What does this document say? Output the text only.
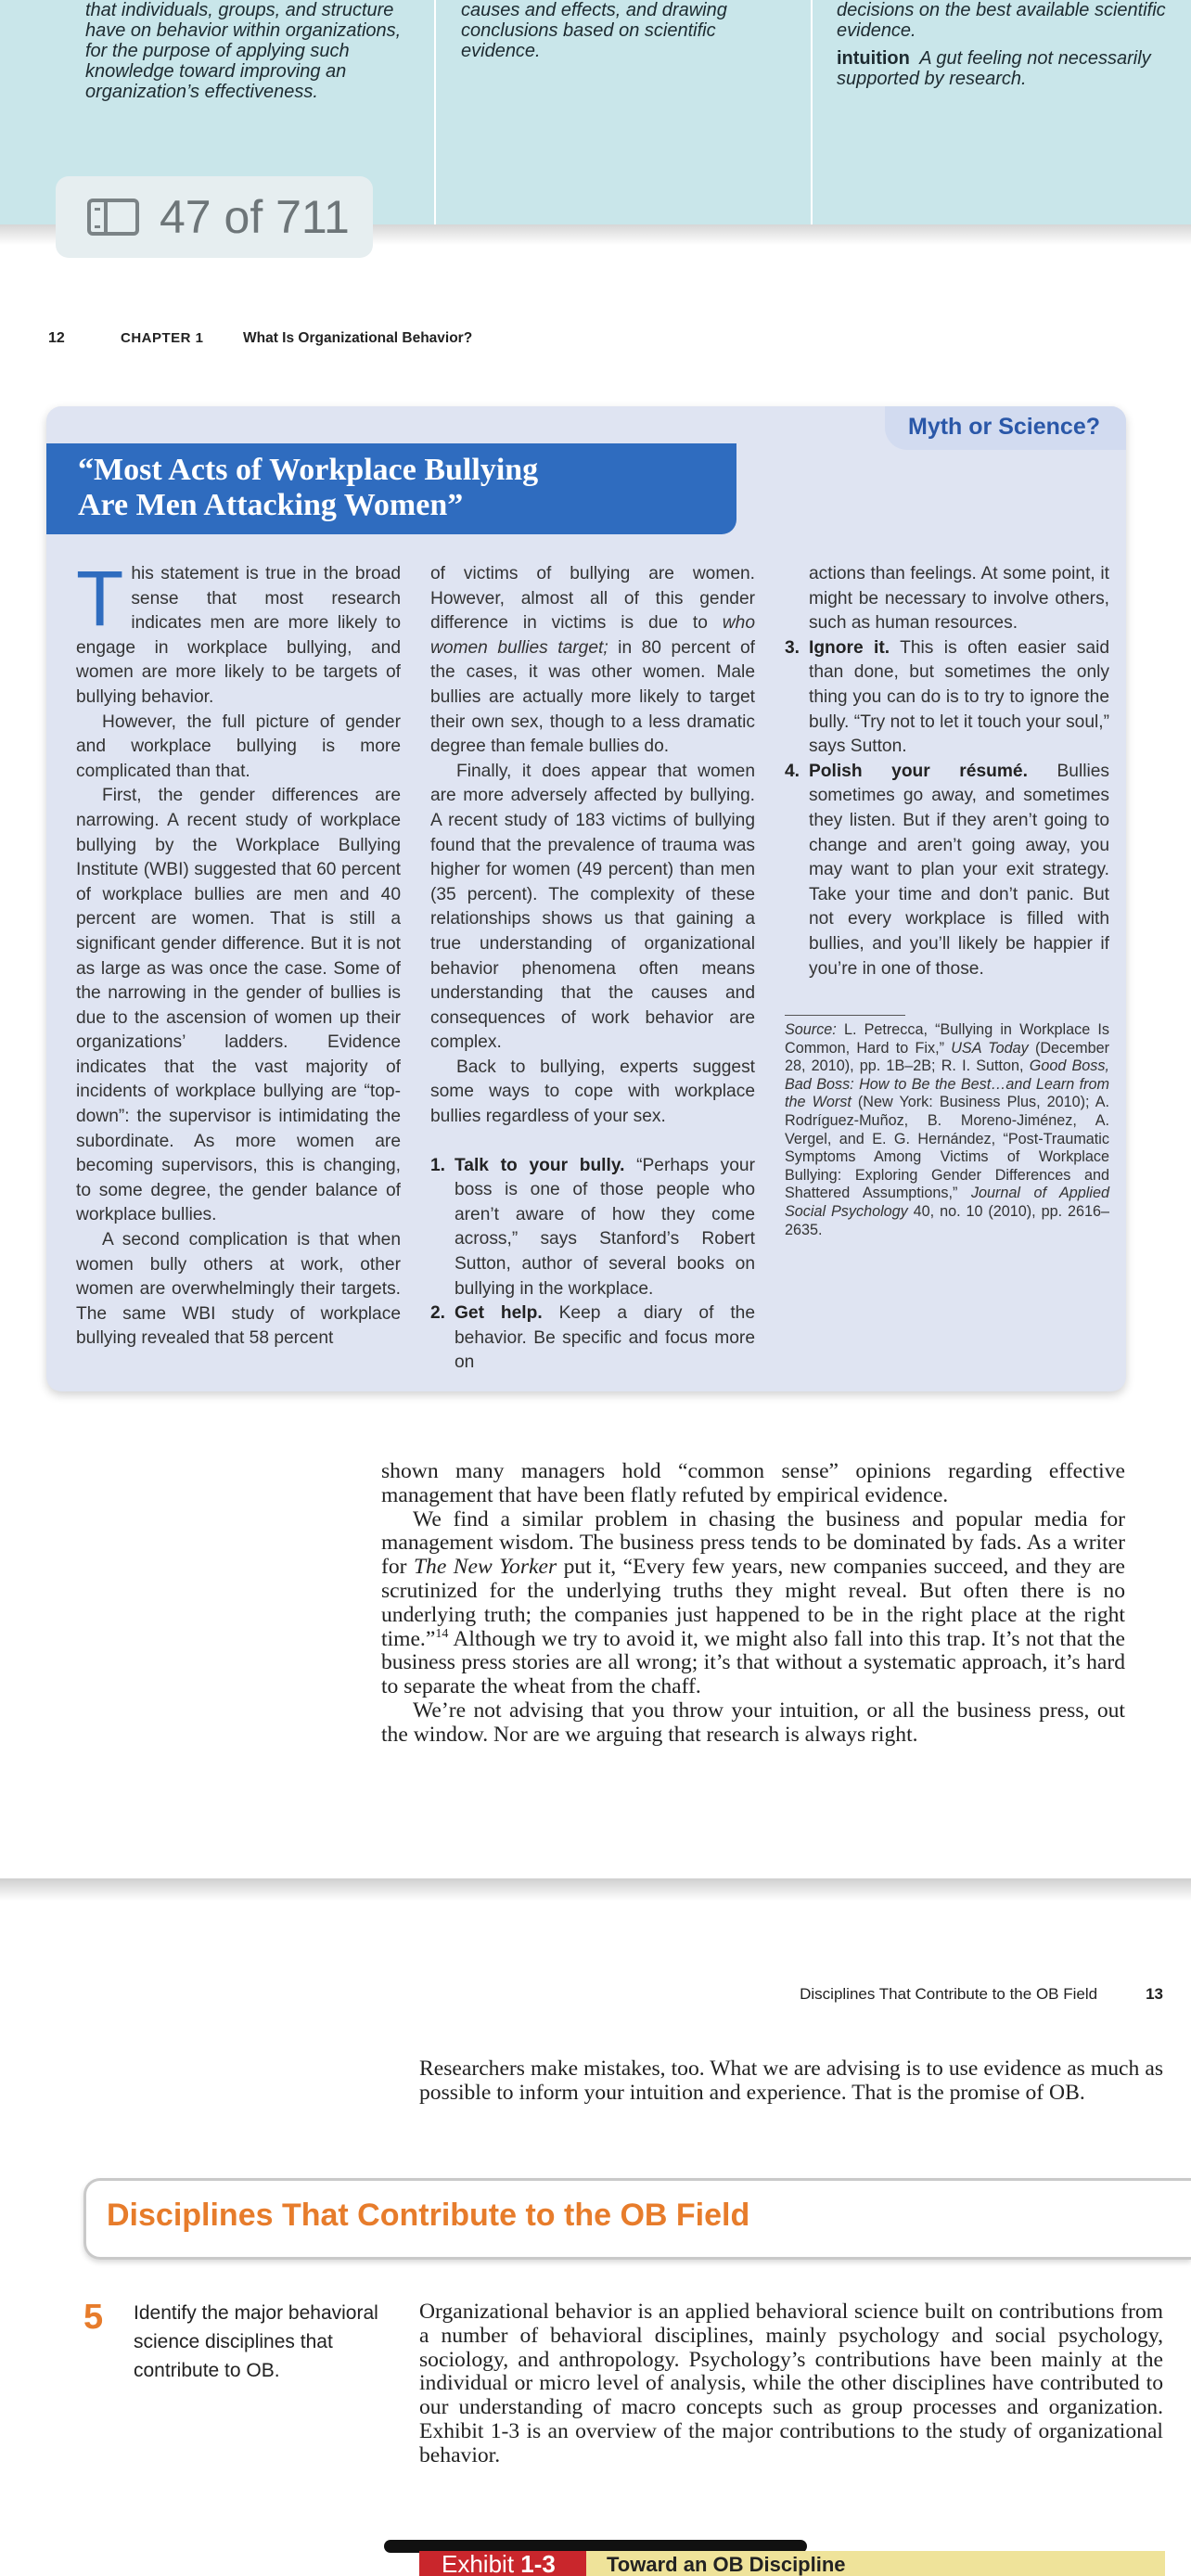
that individuals, groups, and structure have on behavior within organizations, for the purpose of applying such knowledge toward improving an organization’s effectiveness.
causes and effects, and drawing conclusions based on scientific evidence.
decisions on the best available scientific evidence.
intuition A gut feeling not necessarily supported by research.
47 of 711
12	CHAPTER 1	What Is Organizational Behavior?
Myth or Science?
“Most Acts of Workplace Bullying
Are Men Attacking Women”

This statement is true in the broad sense that most research indicates men are more likely to engage in workplace bullying, and women are more likely to be targets of bullying behavior.

However, the full picture of gender and workplace bullying is more complicated than that.

First, the gender differences are narrowing. A recent study of workplace bullying by the Workplace Bullying Institute (WBI) suggested that 60 percent of workplace bullies are men and 40 percent are women. That is still a significant gender difference. But it is not as large as was once the case. Some of the narrowing in the gender of bullies is due to the ascension of women up their organizations’ ladders. Evidence indicates that the vast majority of incidents of workplace bullying are “top-down”: the supervisor is intimidating the subordinate. As more women are becoming supervisors, this is changing, to some degree, the gender balance of workplace bullies.

A second complication is that when women bully others at work, other women are overwhelmingly their targets. The same WBI study of workplace bullying revealed that 58 percent

of victims of bullying are women. However, almost all of this gender difference in victims is due to who women bullies target; in 80 percent of the cases, it was other women. Male bullies are actually more likely to target their own sex, though to a less dramatic degree than female bullies do.

Finally, it does appear that women are more adversely affected by bullying. A recent study of 183 victims of bullying found that the prevalence of trauma was higher for women (49 percent) than men (35 percent). The complexity of these relationships shows us that gaining a true understanding of organizational behavior phenomena often means understanding that the causes and consequences of work behavior are complex.

Back to bullying, experts suggest some ways to cope with workplace bullies regardless of your sex.

1. Talk to your bully. “Perhaps your boss is one of those people who aren’t aware of how they come across,” says Stanford’s Robert Sutton, author of several books on bullying in the workplace.
2. Get help. Keep a diary of the behavior. Be specific and focus more on

actions than feelings. At some point, it might be necessary to involve others, such as human resources.

3. Ignore it. This is often easier said than done, but sometimes the only thing you can do is to try to ignore the bully. “Try not to let it touch your soul,” says Sutton.
4. Polish your résumé. Bullies sometimes go away, and sometimes they listen. But if they aren’t going to change and aren’t going away, you may want to plan your exit strategy. Take your time and don’t panic. But not every workplace is filled with bullies, and you’ll likely be happier if you’re in one of those.

Source: L. Petrecca, “Bullying in Workplace Is Common, Hard to Fix,” USA Today (December 28, 2010), pp. 1B–2B; R. I. Sutton, Good Boss, Bad Boss: How to Be the Best…and Learn from the Worst (New York: Business Plus, 2010); A. Rodríguez-Muñoz, B. Moreno-Jiménez, A. Vergel, and E. G. Hernández, “Post-Traumatic Symptoms Among Victims of Workplace Bullying: Exploring Gender Differences and Shattered Assumptions,” Journal of Applied Social Psychology 40, no. 10 (2010), pp. 2616–2635.

shown many managers hold “common sense” opinions regarding effective management that have been flatly refuted by empirical evidence.

We find a similar problem in chasing the business and popular media for management wisdom. The business press tends to be dominated by fads. As a writer for The New Yorker put it, “Every few years, new companies succeed, and they are scrutinized for the underlying truths they might reveal. But often there is no underlying truth; the companies just happened to be in the right place at the right time.”$^{14}$ Although we try to avoid it, we might also fall into this trap. It’s not that the business press stories are all wrong; it’s that without a systematic approach, it’s hard to separate the wheat from the chaff.

We’re not advising that you throw your intuition, or all the business press, out the window. Nor are we arguing that research is always right.

Disciplines That Contribute to the OB Field	13

Researchers make mistakes, too. What we are advising is to use evidence as much as possible to inform your intuition and experience. That is the promise of OB.

Disciplines That Contribute to the OB Field
5	Identify the major behavioral science disciplines that contribute to OB.

Organizational behavior is an applied behavioral science built on contributions from a number of behavioral disciplines, mainly psychology and social psychology, sociology, and anthropology. Psychology’s contributions have been mainly at the individual or micro level of analysis, while the other disciplines have contributed to our understanding of macro concepts such as group processes and organization. Exhibit 1-3 is an overview of the major contributions to the study of organizational behavior.

Exhibit 1-3	Toward an OB Discipline
